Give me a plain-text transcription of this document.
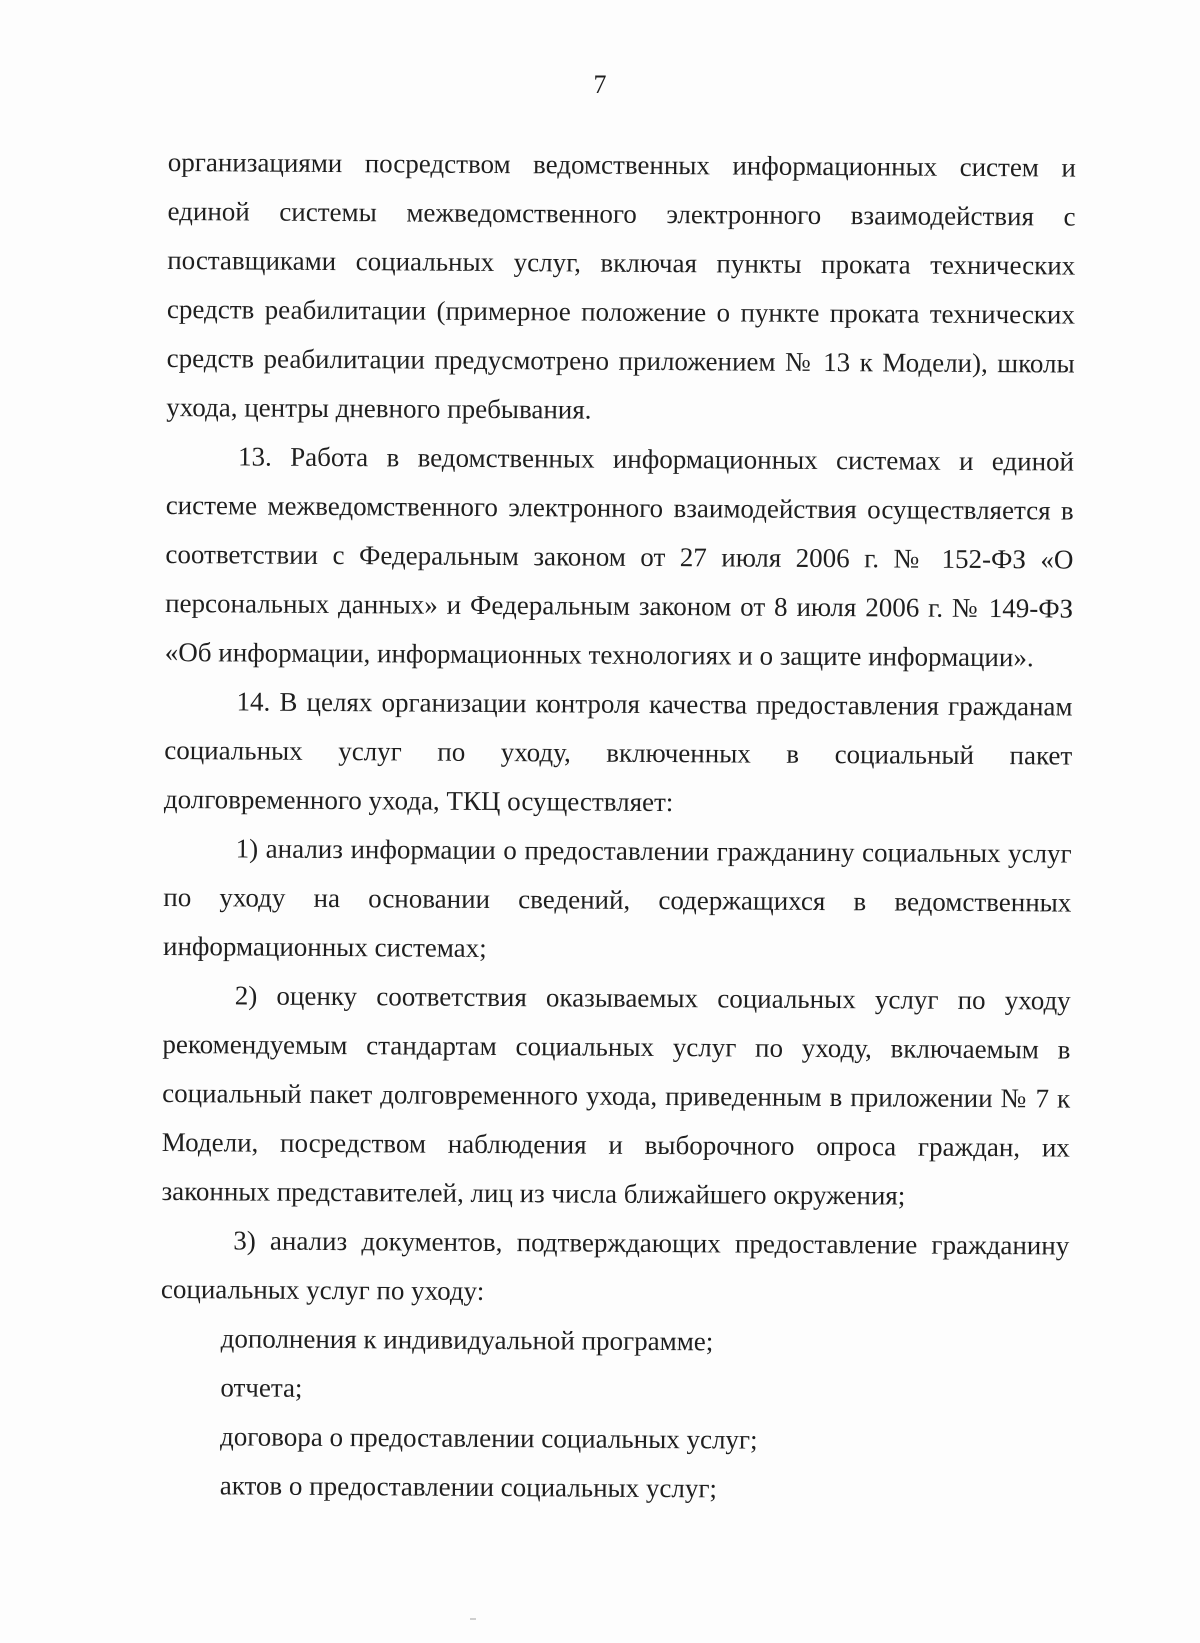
7

организациями посредством ведомственных информационных систем и единой системы межведомственного электронного взаимодействия с поставщиками социальных услуг, включая пункты проката технических средств реабилитации (примерное положение о пункте проката технических средств реабилитации предусмотрено приложением № 13 к Модели), школы ухода, центры дневного пребывания.

13. Работа в ведомственных информационных системах и единой системе межведомственного электронного взаимодействия осуществляется в соответствии с Федеральным законом от 27 июля 2006 г. № 152-ФЗ «О персональных данных» и Федеральным законом от 8 июля 2006 г. № 149-ФЗ «Об информации, информационных технологиях и о защите информации».

14. В целях организации контроля качества предоставления гражданам социальных услуг по уходу, включенных в социальный пакет долговременного ухода, ТКЦ осуществляет:

1) анализ информации о предоставлении гражданину социальных услуг по уходу на основании сведений, содержащихся в ведомственных информационных системах;

2) оценку соответствия оказываемых социальных услуг по уходу рекомендуемым стандартам социальных услуг по уходу, включаемым в социальный пакет долговременного ухода, приведенным в приложении № 7 к Модели, посредством наблюдения и выборочного опроса граждан, их законных представителей, лиц из числа ближайшего окружения;

3) анализ документов, подтверждающих предоставление гражданину социальных услуг по уходу:

дополнения к индивидуальной программе;

отчета;

договора о предоставлении социальных услуг;

актов о предоставлении социальных услуг;
